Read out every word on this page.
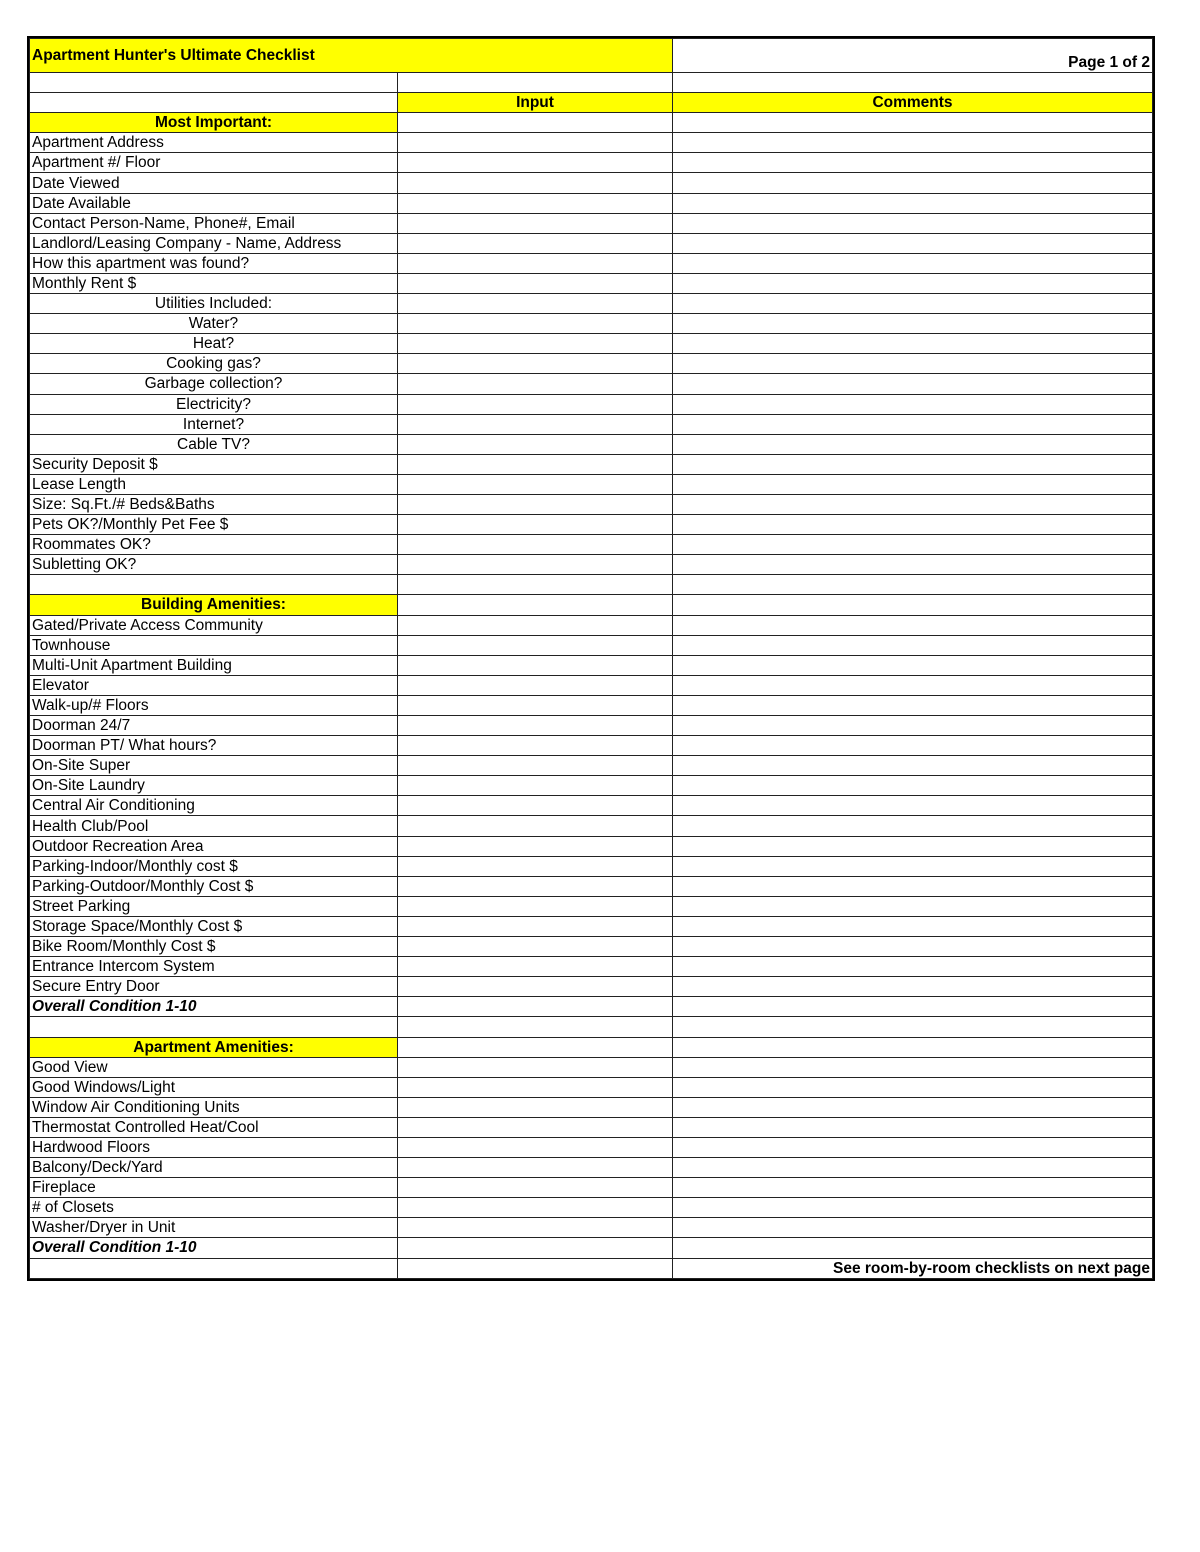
Apartment Hunter's Ultimate Checklist		Page 1 of 2

	Input	Comments
Most Important:		
Apartment Address		
Apartment #/ Floor		
Date Viewed		
Date Available		
Contact Person-Name, Phone#, Email		
Landlord/Leasing Company - Name, Address		
How this apartment was found?		
Monthly Rent $		
Utilities Included:		
Water?		
Heat?		
Cooking gas?		
Garbage collection?		
Electricity?		
Internet?		
Cable TV?		
Security Deposit $		
Lease Length		
Size: Sq.Ft./# Beds&Baths		
Pets OK?/Monthly Pet Fee $		
Roommates OK?		
Subletting OK?		

Building Amenities:		
Gated/Private Access Community		
Townhouse		
Multi-Unit Apartment Building		
Elevator		
Walk-up/# Floors		
Doorman 24/7		
Doorman PT/ What hours?		
On-Site Super		
On-Site Laundry		
Central Air Conditioning		
Health Club/Pool		
Outdoor Recreation Area		
Parking-Indoor/Monthly cost $		
Parking-Outdoor/Monthly Cost $		
Street Parking		
Storage Space/Monthly Cost $		
Bike Room/Monthly Cost $		
Entrance Intercom System		
Secure Entry Door		
Overall Condition 1-10		

Apartment Amenities:		
Good View		
Good Windows/Light		
Window Air Conditioning Units		
Thermostat Controlled Heat/Cool		
Hardwood Floors		
Balcony/Deck/Yard		
Fireplace		
# of Closets		
Washer/Dryer in Unit		
Overall Condition 1-10		
		See room-by-room checklists on next page
